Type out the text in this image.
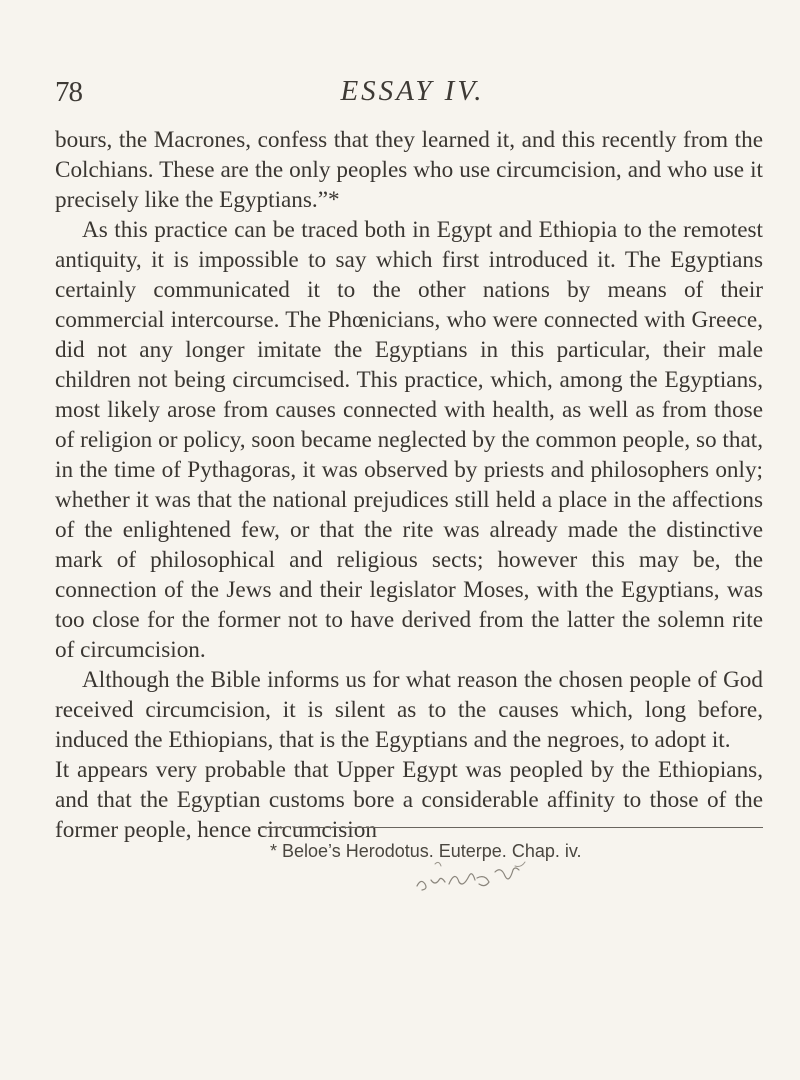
78	ESSAY IV.

bours, the Macrones, confess that they learned it, and this recently from the Colchians. These are the only peoples who use circumcision, and who use it precisely like the Egyptians.”*

As this practice can be traced both in Egypt and Ethiopia to the remotest antiquity, it is impossible to say which first introduced it. The Egyptians certainly communicated it to the other nations by means of their commercial intercourse. The Phœnicians, who were connected with Greece, did not any longer imitate the Egyptians in this particular, their male children not being circumcised. This practice, which, among the Egyptians, most likely arose from causes connected with health, as well as from those of religion or policy, soon became neglected by the common people, so that, in the time of Pythagoras, it was observed by priests and philosophers only; whether it was that the national prejudices still held a place in the affections of the enlightened few, or that the rite was already made the distinctive mark of philosophical and religious sects; however this may be, the connection of the Jews and their legislator Moses, with the Egyptians, was too close for the former not to have derived from the latter the solemn rite of circumcision.

Although the Bible informs us for what reason the chosen people of God received circumcision, it is silent as to the causes which, long before, induced the Ethiopians, that is the Egyptians and the negroes, to adopt it.

It appears very probable that Upper Egypt was peopled by the Ethiopians, and that the Egyptian customs bore a considerable affinity to those of the former people, hence circumcision

* Beloe’s Herodotus. Euterpe. Chap. iv.
